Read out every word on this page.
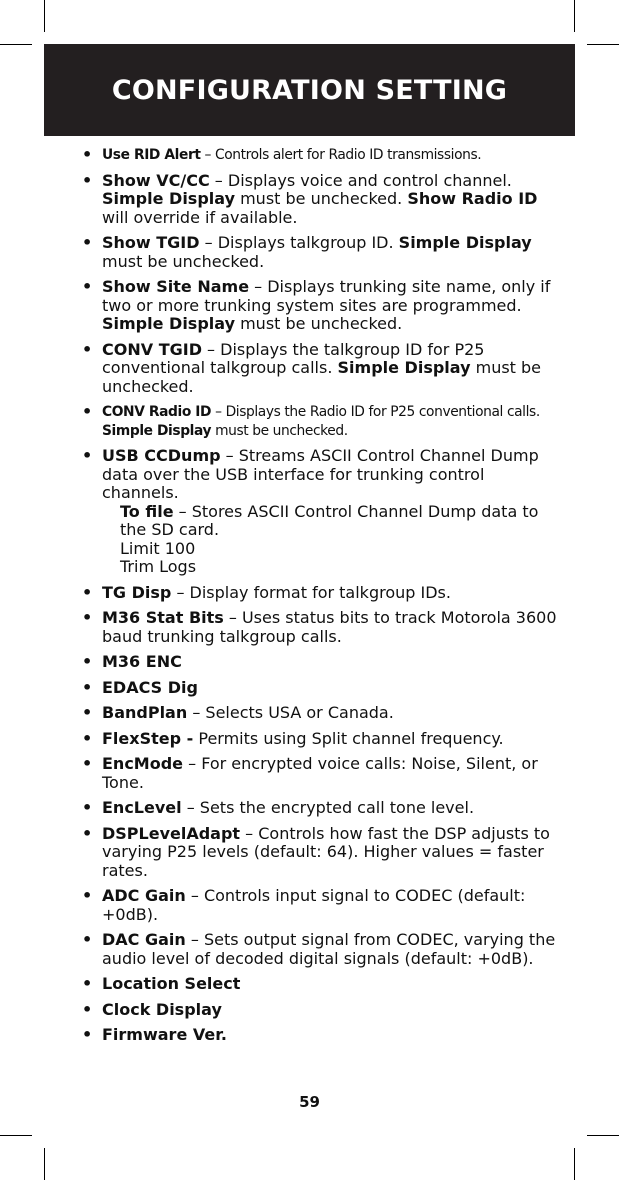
CONFIGURATION SETTING
• Use RID Alert – Controls alert for Radio ID transmissions.
• Show VC/CC – Displays voice and control channel. Simple Display must be unchecked. Show Radio ID will override if available.
• Show TGID – Displays talkgroup ID. Simple Display must be unchecked.
• Show Site Name – Displays trunking site name, only if two or more trunking system sites are programmed. Simple Display must be unchecked.
• CONV TGID – Displays the talkgroup ID for P25 conventional talkgroup calls. Simple Display must be unchecked.
• CONV Radio ID – Displays the Radio ID for P25 conventional calls. Simple Display must be unchecked.
• USB CCDump – Streams ASCII Control Channel Dump data over the USB interface for trunking control channels.
To file – Stores ASCII Control Channel Dump data to the SD card.
Limit 100
Trim Logs
• TG Disp – Display format for talkgroup IDs.
• M36 Stat Bits – Uses status bits to track Motorola 3600 baud trunking talkgroup calls.
• M36 ENC
• EDACS Dig
• BandPlan – Selects USA or Canada.
• FlexStep - Permits using Split channel frequency.
• EncMode – For encrypted voice calls: Noise, Silent, or Tone.
• EncLevel – Sets the encrypted call tone level.
• DSPLevelAdapt – Controls how fast the DSP adjusts to varying P25 levels (default: 64). Higher values = faster rates.
• ADC Gain – Controls input signal to CODEC (default: +0dB).
• DAC Gain – Sets output signal from CODEC, varying the audio level of decoded digital signals (default: +0dB).
• Location Select
• Clock Display
• Firmware Ver.
59
